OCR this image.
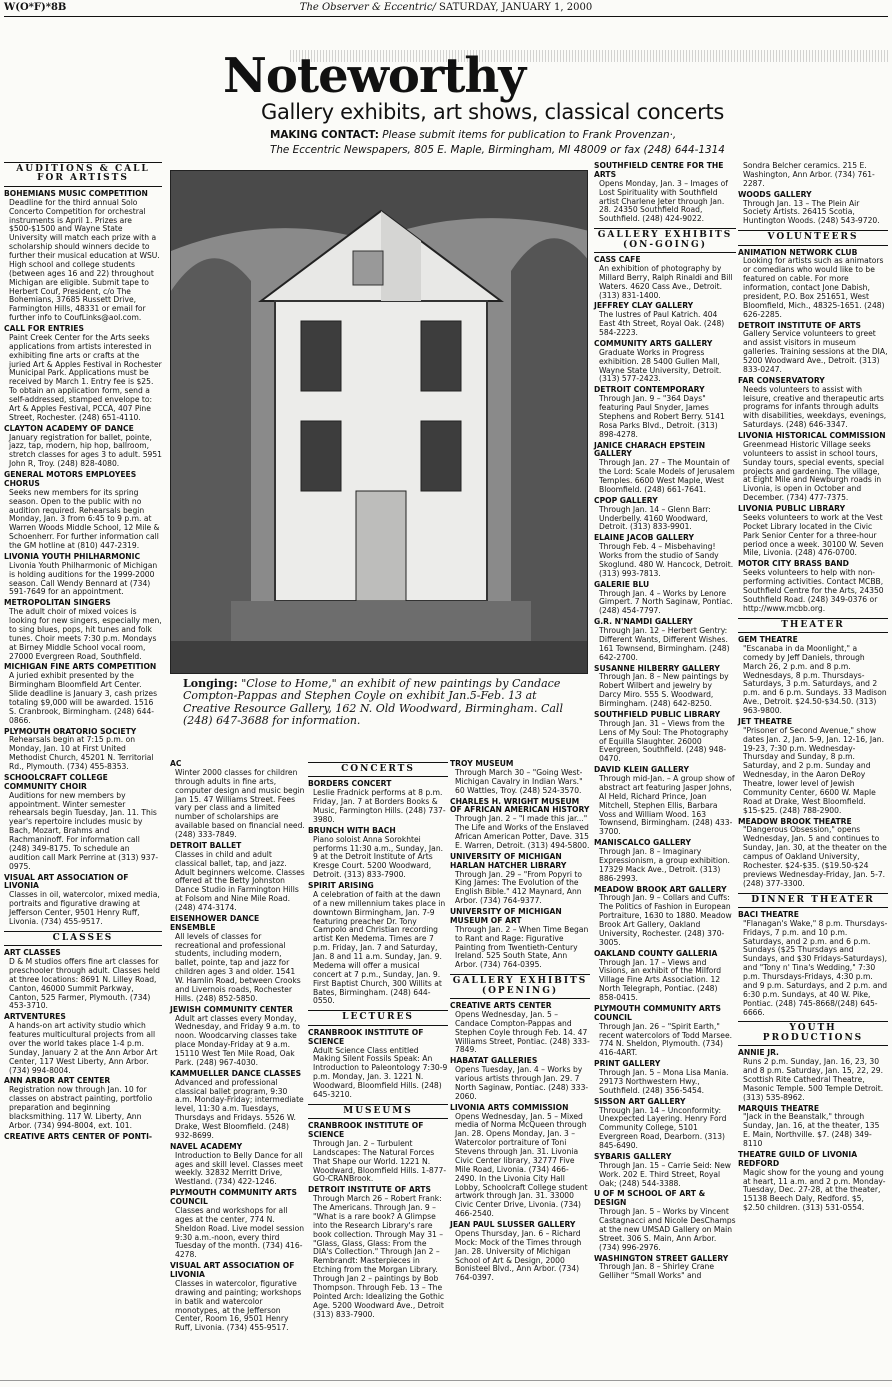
W(O*F)*8B	The Observer & Eccentric/ SATURDAY, JANUARY 1, 2000
Noteworthy
Gallery exhibits, art shows, classical concerts
MAKING CONTACT: Please submit items for publication to Frank Provenzan·,
The Eccentric Newspapers, 805 E. Maple, Birmingham, MI 48009 or fax (248) 644-1314
AUDITIONS & CALL FOR ARTISTS
BOHEMIANS MUSIC COMPETITION
Deadline for the third annual Solo Concerto Competition for orchestral instruments is April 1. Prizes are $500-$1500 and Wayne State University will match each prize with a scholarship should winners decide to further their musical education at WSU. High school and college students (between ages 16 and 22) throughout Michigan are eligible. Submit tape to Herbert Couf, President, c/o The Bohemians, 37685 Russett Drive, Farmington Hills, 48331 or email for further info to CoufLinks@aol.com.
CALL FOR ENTRIES
Paint Creek Center for the Arts seeks applications from artists interested in exhibiting fine arts or crafts at the juried Art & Apples Festival in Rochester Municipal Park. Applications must be received by March 1. Entry fee is $25. To obtain an application form, send a self-addressed, stamped envelope to: Art & Apples Festival, PCCA, 407 Pine Street, Rochester. (248) 651-4110.
CLAYTON ACADEMY OF DANCE
January registration for ballet, pointe, jazz, tap, modern, hip hop, ballroom, stretch classes for ages 3 to adult. 5951 John R, Troy. (248) 828-4080.
GENERAL MOTORS EMPLOYEES CHORUS
Seeks new members for its spring season. Open to the public with no audition required. Rehearsals begin Monday, Jan. 3 from 6:45 to 9 p.m. at Warren Woods Middle School, 12 Mile & Schoenherr. For further information call the GM hotline at (810) 447-2319.
LIVONIA YOUTH PHILHARMONIC
Livonia Youth Philharmonic of Michigan is holding auditions for the 1999-2000 season. Call Wendy Bennard at (734) 591-7649 for an appointment.
METROPOLITAN SINGERS
The adult choir of mixed voices is looking for new singers, especially men, to sing blues, pops, hit tunes and folk tunes. Choir meets 7:30 p.m. Mondays at Birney Middle School vocal room, 27000 Evergreen Road, Southfield.
MICHIGAN FINE ARTS COMPETITION
A juried exhibit presented by the Birmingham Bloomfield Art Center. Slide deadline is January 3, cash prizes totaling $9,000 will be awarded. 1516 S. Cranbrook, Birmingham. (248) 644-0866.
PLYMOUTH ORATORIO SOCIETY
Rehearsals begin at 7:15 p.m. on Monday, Jan. 10 at First United Methodist Church, 45201 N. Territorial Rd., Plymouth. (734) 455-8353.
SCHOOLCRAFT COLLEGE COMMUNITY CHOIR
Auditions for new members by appointment. Winter semester rehearsals begin Tuesday, Jan. 11. This year's repertoire includes music by Bach, Mozart, Brahms and Rachmaninoff. For information call (248) 349-8175. To schedule an audition call Mark Perrine at (313) 937-0975.
VISUAL ART ASSOCIATION OF LIVONIA
Classes in oil, watercolor, mixed media, portraits and figurative drawing at Jefferson Center, 9501 Henry Ruff, Livonia. (734) 455-9517.
CLASSES
ART CLASSES
D & M studios offers fine art classes for preschooler through adult. Classes held at three locations: 8691 N. Lilley Road, Canton, 46000 Summit Parkway, Canton, 525 Farmer, Plymouth. (734) 453-3710.
ARTVENTURES
A hands-on art activity studio which features multicultural projects from all over the world takes place 1-4 p.m. Sunday, January 2 at the Ann Arbor Art Center, 117 West Liberty, Ann Arbor. (734) 994-8004.
ANN ARBOR ART CENTER
Registration now through Jan. 10 for classes on abstract painting, portfolio preparation and beginning blacksmithing. 117 W. Liberty, Ann Arbor. (734) 994-8004, ext. 101.
CREATIVE ARTS CENTER OF PONTI-
Longing: "Close to Home," an exhibit of new paintings by Candace Compton-Pappas and Stephen Coyle on exhibit Jan.5-Feb. 13 at Creative Resource Gallery, 162 N. Old Woodward, Birmingham. Call (248) 647-3688 for information.
AC
Winter 2000 classes for children through adults in fine arts, computer design and music begin Jan 15. 47 Williams Street. Fees vary per class and a limited number of scholarships are available based on financial need. (248) 333-7849.
DETROIT BALLET
Classes in child and adult classical ballet, tap, and jazz. Adult beginners welcome. Classes offered at the Betty Johnston Dance Studio in Farmington Hills at Folsom and Nine Mile Road. (248) 474-3174.
EISENHOWER DANCE ENSEMBLE
All levels of classes for recreational and professional students, including modern, ballet, pointe, tap and jazz for children ages 3 and older. 1541 W. Hamlin Road, between Crooks and Livernois roads, Rochester Hills. (248) 852-5850.
JEWISH COMMUNITY CENTER
Adult art classes every Monday, Wednesday, and Friday 9 a.m. to noon. Woodcarving classes take place Monday-Friday at 9 a.m. 15110 West Ten Mile Road, Oak Park. (248) 967-4030.
KAMMUELLER DANCE CLASSES
Advanced and professional classical ballet program, 9:30 a.m. Monday-Friday; intermediate level, 11:30 a.m. Tuesdays, Thursdays and Fridays. 5526 W. Drake, West Bloomfield. (248) 932-8699.
NAVEL ACADEMY
Introduction to Belly Dance for all ages and skill level. Classes meet weekly. 32832 Merritt Drive, Westland. (734) 422-1246.
PLYMOUTH COMMUNITY ARTS COUNCIL
Classes and workshops for all ages at the center, 774 N. Sheldon Road. Live model session 9:30 a.m.-noon, every third Tuesday of the month. (734) 416-4278.
VISUAL ART ASSOCIATION OF LIVONIA
Classes in watercolor, figurative drawing and painting; workshops in batik and watercolor monotypes, at the Jefferson Center, Room 16, 9501 Henry Ruff, Livonia. (734) 455-9517.
CONCERTS
BORDERS CONCERT
Leslie Fradnick performs at 8 p.m. Friday, Jan. 7 at Borders Books & Music, Farmington Hills. (248) 737-3980.
BRUNCH WITH BACH
Piano soloist Anna Sorokhtei performs 11:30 a.m., Sunday, Jan. 9 at the Detroit Institute of Arts Kresge Court. 5200 Woodward, Detroit. (313) 833-7900.
SPIRIT ARISING
A celebration of faith at the dawn of a new millennium takes place in downtown Birmingham, Jan. 7-9 featuring preacher Dr. Tony Campolo and Christian recording artist Ken Medema. Times are 7 p.m. Friday, Jan. 7 and Saturday, Jan. 8 and 11 a.m. Sunday, Jan. 9. Medema will offer a musical concert at 7 p.m., Sunday, Jan. 9. First Baptist Church, 300 Willits at Bates, Birmingham. (248) 644-0550.
LECTURES
CRANBROOK INSTITUTE OF SCIENCE
Adult Science Class entitled Making Silent Fossils Speak: An Introduction to Paleontology 7:30-9 p.m. Monday, Jan. 3. 1221 N. Woodward, Bloomfield Hills. (248) 645-3210.
MUSEUMS
CRANBROOK INSTITUTE OF SCIENCE
Through Jan. 2 – Turbulent Landscapes: The Natural Forces That Shape our World. 1221 N. Woodward, Bloomfield Hills. 1-877-GO-CRANBrook.
DETROIT INSTITUTE OF ARTS
Through March 26 – Robert Frank: The Americans. Through Jan. 9 – "What is a rare book? A Glimpse into the Research Library's rare book collection. Through May 31 – "Glass, Glass, Glass: From the DIA's Collection." Through Jan 2 – Rembrandt: Masterpieces in Etching from the Morgan Library. Through Jan 2 – paintings by Bob Thompson. Through Feb. 13 – The Pointed Arch: Idealizing the Gothic Age. 5200 Woodward Ave., Detroit (313) 833-7900.
TROY MUSEUM
Through March 30 – "Going West-Michigan Cavalry in Indian Wars." 60 Wattles, Troy. (248) 524-3570.
CHARLES H. WRIGHT MUSEUM OF AFRICAN AMERICAN HISTORY
Through Jan. 2 – "I made this jar..." The Life and Works of the Enslaved African American Potter, Dave. 315 E. Warren, Detroit. (313) 494-5800.
UNIVERSITY OF MICHIGAN HARLAN HATCHER LIBRARY
Through Jan. 29 – "From Popyri to King James: The Evolution of the English Bible." 412 Maynard, Ann Arbor. (734) 764-9377.
UNIVERSITY OF MICHIGAN MUSEUM OF ART
Through Jan. 2 – When Time Began to Rant and Rage: Figurative Painting from Twentieth-Century Ireland. 525 South State, Ann Arbor. (734) 764-0395.
GALLERY EXHIBITS (OPENING)
CREATIVE ARTS CENTER
Opens Wednesday, Jan. 5 – Candace Compton-Pappas and Stephen Coyle through Feb. 14. 47 Williams Street, Pontiac. (248) 333-7849.
HABATAT GALLERIES
Opens Tuesday, Jan. 4 – Works by various artists through Jan. 29. 7 North Saginaw, Pontiac. (248) 333-2060.
LIVONIA ARTS COMMISSION
Opens Wednesday, Jan. 5 – Mixed media of Norma McQueen through Jan. 28. Opens Monday, Jan. 3 – Watercolor portraiture of Toni Stevens through Jan. 31. Livonia Civic Center library, 32777 Five Mile Road, Livonia. (734) 466-2490. In the Livonia City Hall Lobby, Schoolcraft College student artwork through Jan. 31. 33000 Civic Center Drive, Livonia. (734) 466-2540.
JEAN PAUL SLUSSER GALLERY
Opens Thursday, Jan. 6 – Richard Mock: Mock of the Times through Jan. 28. University of Michigan School of Art & Design, 2000 Bonisteel Blvd., Ann Arbor. (734) 764-0397.
SOUTHFIELD CENTRE FOR THE ARTS
Opens Monday, Jan. 3 – Images of Lost Spirituality with Southfield artist Charlene Jeter through Jan. 28. 24350 Southfield Road, Southfield. (248) 424-9022.
GALLERY EXHIBITS (ON-GOING)
CASS CAFE
An exhibition of photography by Millard Berry, Ralph Rinaldi and Bill Waters. 4620 Cass Ave., Detroit. (313) 831-1400.
JEFFREY CLAY GALLERY
The lustres of Paul Katrich. 404 East 4th Street, Royal Oak. (248) 584-2223.
COMMUNITY ARTS GALLERY
Graduate Works in Progress exhibition. 28 5400 Gullen Mall, Wayne State University, Detroit. (313) 577-2423.
DETROIT CONTEMPORARY
Through Jan. 9 – "364 Days" featuring Paul Snyder, James Stephens and Robert Berry. 5141 Rosa Parks Blvd., Detroit. (313) 898-4278.
JANICE CHARACH EPSTEIN GALLERY
Through Jan. 27 – The Mountain of the Lord: Scale Models of Jerusalem Temples. 6600 West Maple, West Bloomfield. (248) 661-7641.
CPOP GALLERY
Through Jan. 14 – Glenn Barr: Underbelly. 4160 Woodward, Detroit. (313) 833-9901.
ELAINE JACOB GALLERY
Through Feb. 4 – Misbehaving! Works from the studio of Sandy Skoglund. 480 W. Hancock, Detroit. (313) 993-7813.
GALERIE BLU
Through Jan. 4 – Works by Lenore Gimpert. 7 North Saginaw, Pontiac. (248) 454-7797.
G.R. N'NAMDI GALLERY
Through Jan. 12 – Herbert Gentry: Different Wants, Different Wishes. 161 Townsend, Birmingham. (248) 642-2700.
SUSANNE HILBERRY GALLERY
Through Jan. 8 – New paintings by Robert Wilbert and jewelry by Darcy Miro. 555 S. Woodward, Birmingham. (248) 642-8250.
SOUTHFIELD PUBLIC LIBRARY
Through Jan. 31 – Views from the Lens of My Soul: The Photography of Equilla Slaughter. 26000 Evergreen, Southfield. (248) 948-0470.
DAVID KLEIN GALLERY
Through mid-Jan. – A group show of abstract art featuring Jasper Johns, Al Held, Richard Prince, Joan Mitchell, Stephen Ellis, Barbara Voss and William Wood. 163 Townsend, Birmingham. (248) 433-3700.
MANISCALCO GALLERY
Through Jan. 8 – Imaginary Expressionism, a group exhibition. 17329 Mack Ave., Detroit. (313) 886-2993.
MEADOW BROOK ART GALLERY
Through Jan. 9 – Collars and Cuffs: The Politics of Fashion in European Portraiture, 1630 to 1880. Meadow Brook Art Gallery, Oakland University, Rochester. (248) 370-3005.
OAKLAND COUNTY GALLERIA
Through Jan. 17 – Views and Visions, an exhibit of the Milford Village Fine Arts Association. 12 North Telegraph, Pontiac. (248) 858-0415.
PLYMOUTH COMMUNITY ARTS COUNCIL
Through Jan. 26 – "Spirit Earth," recent watercolors of Todd Marsee. 774 N. Sheldon, Plymouth. (734) 416-4ART.
PRINT GALLERY
Through Jan. 5 – Mona Lisa Mania. 29173 Northwestern Hwy., Southfield. (248) 356-5454.
SISSON ART GALLERY
Through Jan. 14 – Unconformity: Unexpected Layering. Henry Ford Community College, 5101 Evergreen Road, Dearborn. (313) 845-6490.
SYBARIS GALLERY
Through Jan. 15 – Carrie Seid: New Work. 202 E. Third Street, Royal Oak; (248) 544-3388.
U OF M SCHOOL OF ART & DESIGN
Through Jan. 5 – Works by Vincent Castagnacci and Nicole DesChamps at the new UMSAD Gallery on Main Street. 306 S. Main, Ann Arbor. (734) 996-2976.
WASHINGTON STREET GALLERY
Through Jan. 8 – Shirley Crane Gelliher "Small Works" and
Sondra Belcher ceramics. 215 E. Washington, Ann Arbor. (734) 761-2287.
WOODS GALLERY
Through Jan. 13 – The Plein Air Society Artists. 26415 Scotia, Huntington Woods. (248) 543-9720.
VOLUNTEERS
ANIMATION NETWORK CLUB
Looking for artists such as animators or comedians who would like to be featured on cable. For more information, contact Jone Dabish, president, P.O. Box 251651, West Bloomfield, Mich., 48325-1651. (248) 626-2285.
DETROIT INSTITUTE OF ARTS
Gallery Service volunteers to greet and assist visitors in museum galleries. Training sessions at the DIA, 5200 Woodward Ave., Detroit. (313) 833-0247.
FAR CONSERVATORY
Needs volunteers to assist with leisure, creative and therapeutic arts programs for infants through adults with disabilities, weekdays, evenings, Saturdays. (248) 646-3347.
LIVONIA HISTORICAL COMMISSION
Greenmead Historic Village seeks volunteers to assist in school tours, Sunday tours, special events, special projects and gardening. The village, at Eight Mile and Newburgh roads in Livonia, is open in October and December. (734) 477-7375.
LIVONIA PUBLIC LIBRARY
Seeks volunteers to work at the Vest Pocket Library located in the Civic Park Senior Center for a three-hour period once a week. 30100 W. Seven Mile, Livonia. (248) 476-0700.
MOTOR CITY BRASS BAND
Seeks volunteers to help with non-performing activities. Contact MCBB, Southfield Centre for the Arts, 24350 Southfield Road. (248) 349-0376 or http://www.mcbb.org.
THEATER
GEM THEATRE
"Escanaba in da Moonlight," a comedy by Jeff Daniels, through March 26, 2 p.m. and 8 p.m. Wednesdays, 8 p.m. Thursdays-Saturdays, 3 p.m. Saturdays, and 2 p.m. and 6 p.m. Sundays. 33 Madison Ave., Detroit. $24.50-$34.50. (313) 963-9800.
JET THEATRE
"Prisoner of Second Avenue," show dates Jan. 2, Jan. 5-9, Jan. 12-16, Jan. 19-23, 7:30 p.m. Wednesday-Thursday and Sunday, 8 p.m. Saturday, and 2 p.m. Sunday and Wednesday, in the Aaron DeRoy Theatre, lower level of Jewish Community Center, 6600 W. Maple Road at Drake, West Bloomfield. $15-$25. (248) 788-2900.
MEADOW BROOK THEATRE
"Dangerous Obsession," opens Wednesday, Jan. 5 and continues to Sunday, Jan. 30, at the theater on the campus of Oakland University, Rochester. $24-$35. ($19.50-$24 previews Wednesday-Friday, Jan. 5-7. (248) 377-3300.
DINNER THEATER
BACI THEATRE
"Flanagan's Wake," 8 p.m. Thursdays-Fridays, 7 p.m. and 10 p.m. Saturdays, and 2 p.m. and 6 p.m. Sundays ($25 Thursdays and Sundays, and $30 Fridays-Saturdays), and "Tony n' Tina's Wedding," 7:30 p.m. Thursdays-Fridays, 4:30 p.m. and 9 p.m. Saturdays, and 2 p.m. and 6:30 p.m. Sundays, at 40 W. Pike, Pontiac. (248) 745-8668/(248) 645-6666.
YOUTH PRODUCTIONS
ANNIE JR.
Runs 2 p.m. Sunday, Jan. 16, 23, 30 and 8 p.m. Saturday, Jan. 15, 22, 29. Scottish Rite Cathedral Theatre, Masonic Temple. 500 Temple Detroit. (313) 535-8962.
MARQUIS THEATRE
"Jack in the Beanstalk," through Sunday, Jan. 16, at the theater, 135 E. Main, Northville. $7. (248) 349-8110
THEATRE GUILD OF LIVONIA REDFORD
Magic show for the young and young at heart, 11 a.m. and 2 p.m. Monday-Tuesday, Dec. 27-28, at the theater, 15138 Beech Daly, Redford. $5, $2.50 children. (313) 531-0554.
